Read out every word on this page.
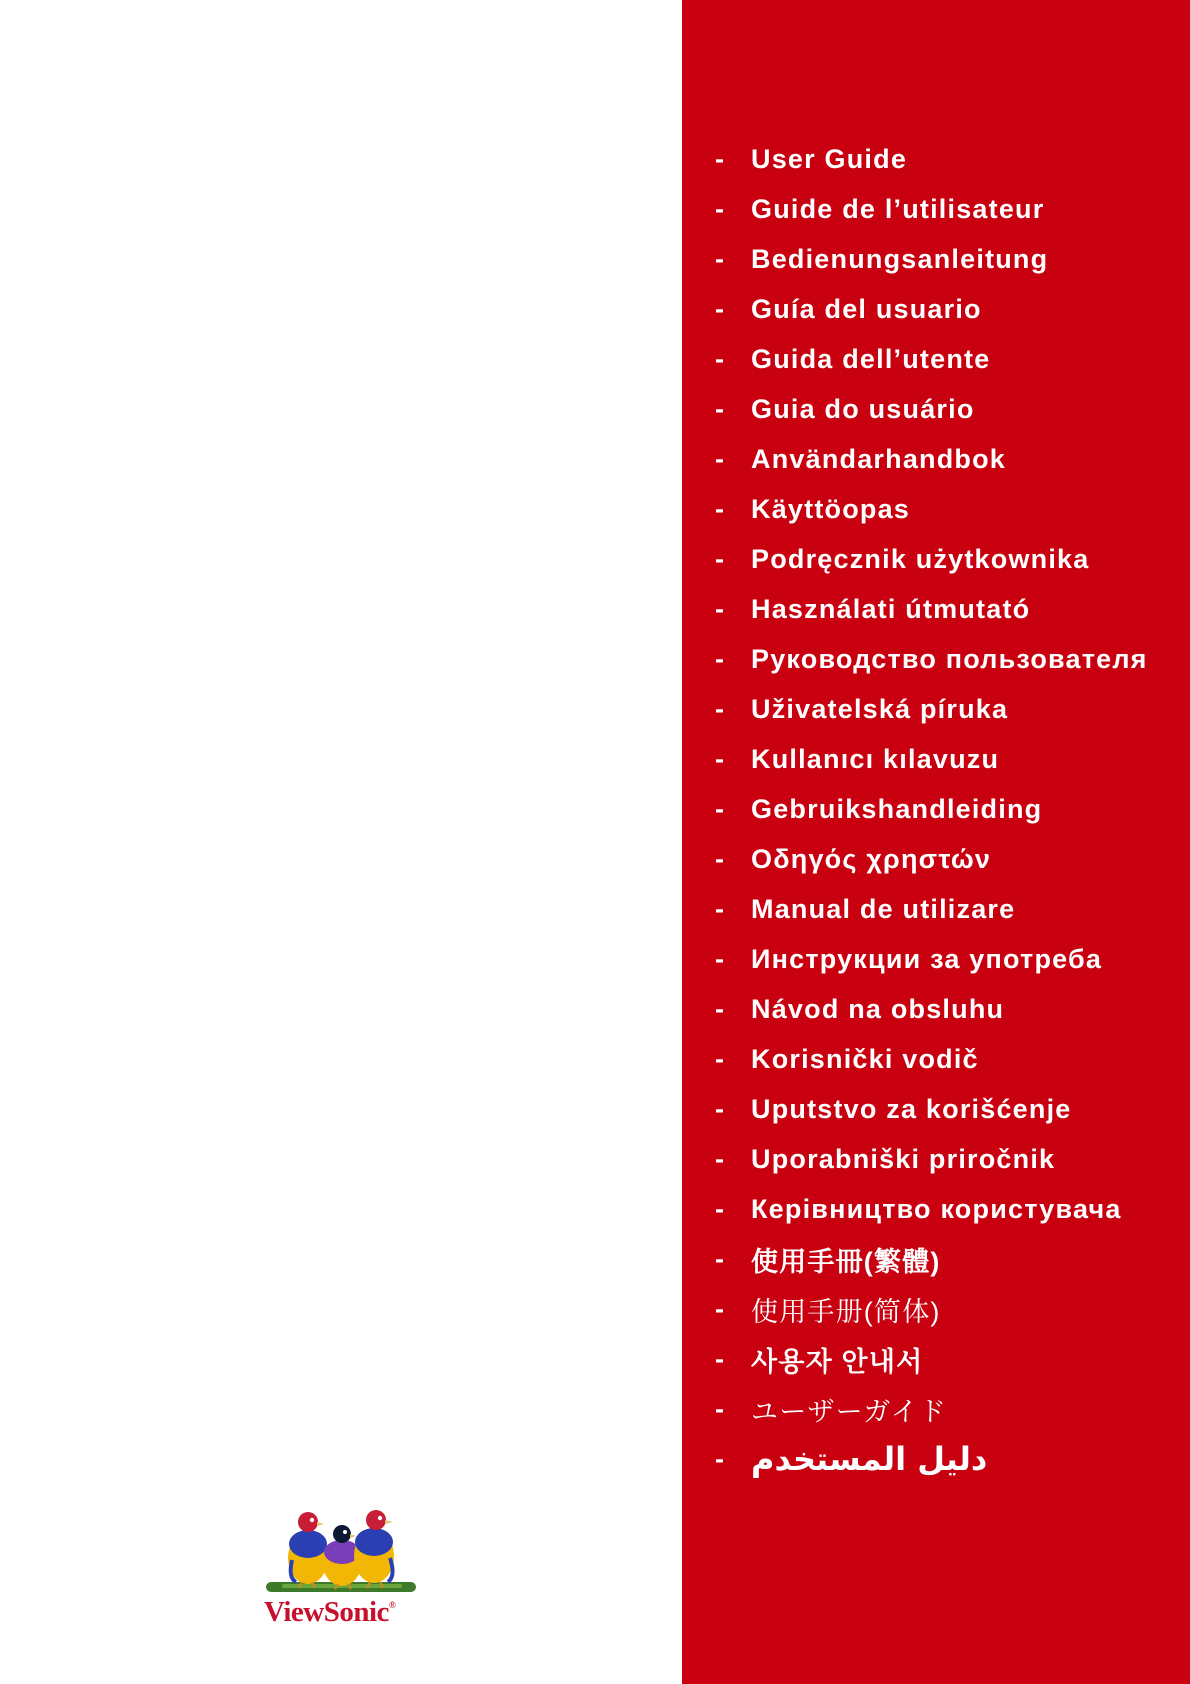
- User Guide
- Guide de l’utilisateur
- Bedienungsanleitung
- Guía del usuario
- Guida dell’utente
- Guia do usuário
- Användarhandbok
- Käyttöopas
- Podręcznik użytkownika
- Használati útmutató
- Руководство пользователя
- Uživatelská píruka
- Kullanıcı kılavuzu
- Gebruikshandleiding
- Οδηγός χρηστών
- Manual de utilizare
- Инструкции за употреба
- Návod na obsluhu
- Korisnički vodič
- Uputstvo za korišćenje
- Uporabniški priročnik
- Керівництво користувача
- 使用手冊(繁體)
- 使用手册(简体)
- 사용자 안내서
- ユーザーガイド
- دليل المستخدم
ViewSonic®
